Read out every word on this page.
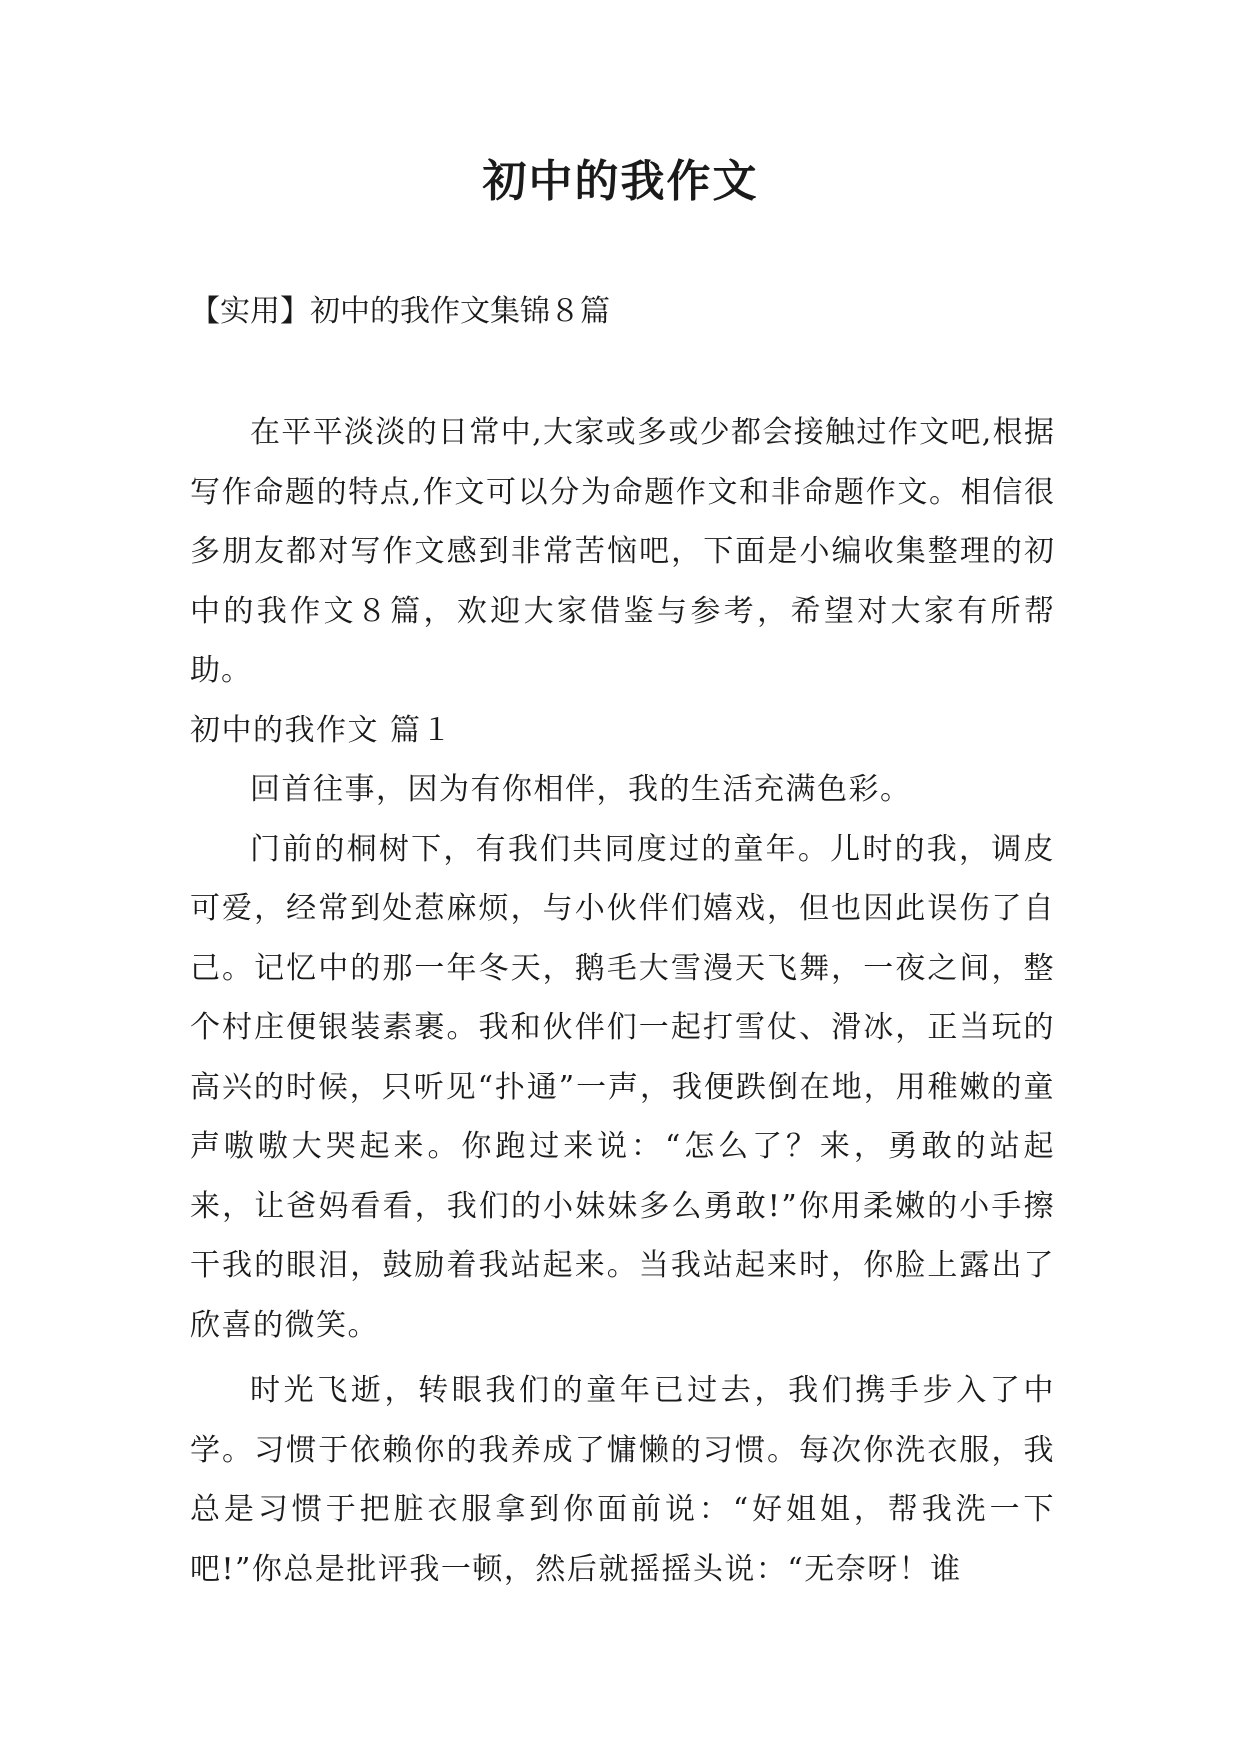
初中的我作文
【实用】初中的我作文集锦８篇

在平平淡淡的日常中,大家或多或少都会接触过作文吧,根据写作命题的特点,作文可以分为命题作文和非命题作文。相信很多朋友都对写作文感到非常苦恼吧，下面是小编收集整理的初中的我作文８篇，欢迎大家借鉴与参考，希望对大家有所帮助。

初中的我作文 篇１

回首往事，因为有你相伴，我的生活充满色彩。

门前的桐树下，有我们共同度过的童年。儿时的我，调皮可爱，经常到处惹麻烦，与小伙伴们嬉戏，但也因此误伤了自己。记忆中的那一年冬天，鹅毛大雪漫天飞舞，一夜之间，整个村庄便银装素裹。我和伙伴们一起打雪仗、滑冰，正当玩的高兴的时候，只听见“扑通”一声，我便跌倒在地，用稚嫩的童声嗷嗷大哭起来。你跑过来说：“怎么了？来，勇敢的站起来，让爸妈看看，我们的小妹妹多么勇敢!”你用柔嫩的小手擦干我的眼泪，鼓励着我站起来。当我站起来时，你脸上露出了欣喜的微笑。

时光飞逝，转眼我们的童年已过去，我们携手步入了中学。习惯于依赖你的我养成了慵懒的习惯。每次你洗衣服，我总是习惯于把脏衣服拿到你面前说：“好姐姐，帮我洗一下吧!”你总是批评我一顿，然后就摇摇头说：“无奈呀！谁
